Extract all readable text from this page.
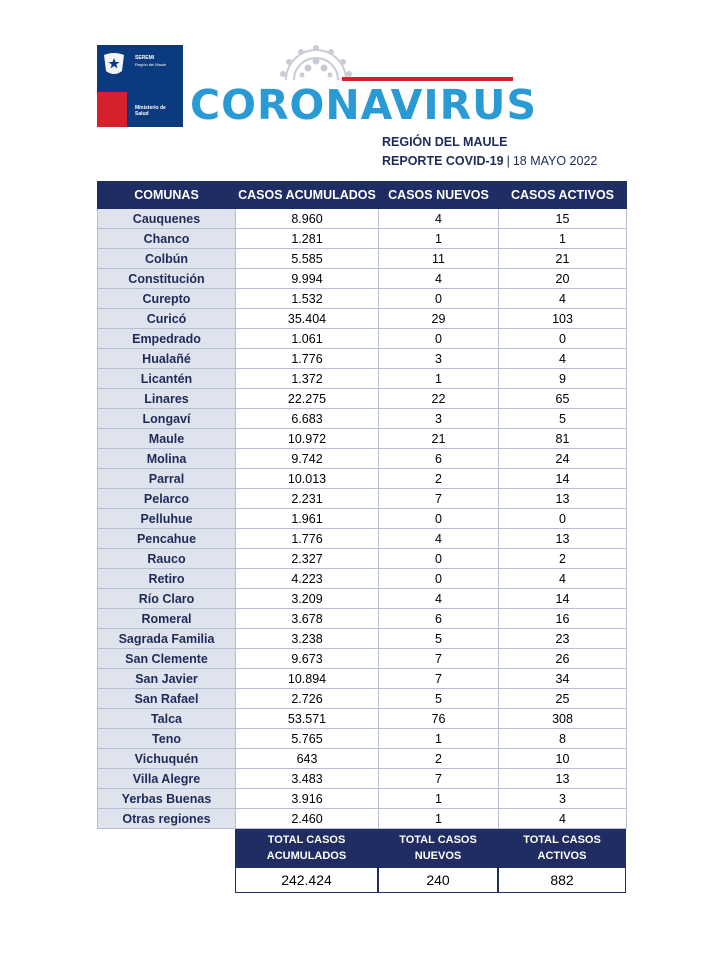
SEREMI
Región del Maule
Ministerio de Salud	CORONAVIRUS
REGIÓN DEL MAULE
REPORTE COVID-19 | 18 MAYO 2022
COMUNAS	CASOS ACUMULADOS	CASOS NUEVOS	CASOS ACTIVOS
Cauquenes	8.960	4	15
Chanco	1.281	1	1
Colbún	5.585	11	21
Constitución	9.994	4	20
Curepto	1.532	0	4
Curicó	35.404	29	103
Empedrado	1.061	0	0
Hualañé	1.776	3	4
Licantén	1.372	1	9
Linares	22.275	22	65
Longaví	6.683	3	5
Maule	10.972	21	81
Molina	9.742	6	24
Parral	10.013	2	14
Pelarco	2.231	7	13
Pelluhue	1.961	0	0
Pencahue	1.776	4	13
Rauco	2.327	0	2
Retiro	4.223	0	4
Río Claro	3.209	4	14
Romeral	3.678	6	16
Sagrada Familia	3.238	5	23
San Clemente	9.673	7	26
San Javier	10.894	7	34
San Rafael	2.726	5	25
Talca	53.571	76	308
Teno	5.765	1	8
Vichuquén	643	2	10
Villa Alegre	3.483	7	13
Yerbas Buenas	3.916	1	3
Otras regiones	2.460	1	4
TOTAL CASOS
ACUMULADOS
TOTAL CASOS
NUEVOS
TOTAL CASOS
ACTIVOS
242.424	240	882
